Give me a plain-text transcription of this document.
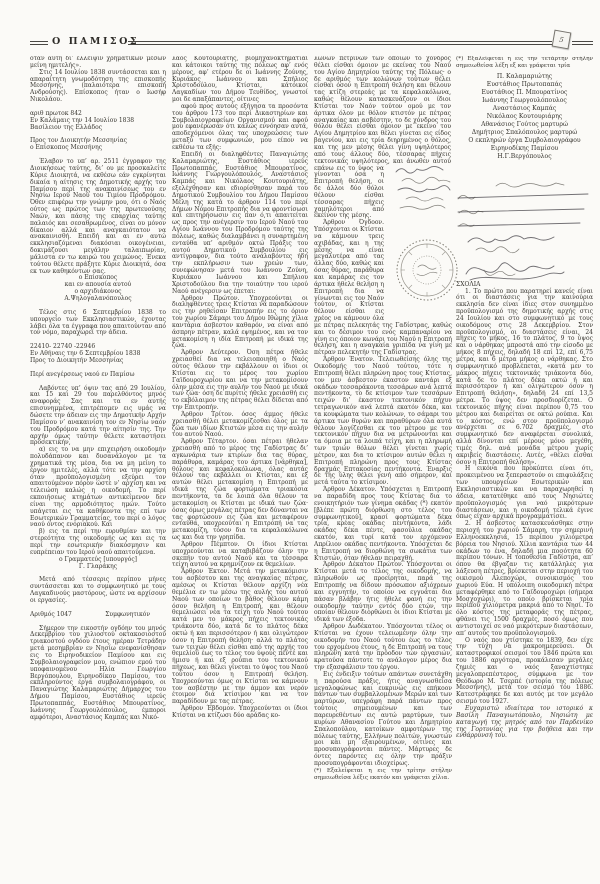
Ο ΠΑΜΙΣΟΣ	5

όταν αύτη δι’ έλλειψιν χρηματικών μέσων μείνη ημιτελής».

Στις 14 Ιουλίου 1838 συντάσσεται και η απαραίτητη γνωμοδότηση της επισκοπής Μεσσήνης, (παλαιότερα επισκοπή Ανδρούσης). Επίσκοπος ήταν ο Ιωσήφ Νικολάου.

αριθ πρωτοκ 842
Εν Καλάμαις την 14 Ιουλίου 1838
Βασίλειον της Ελλάδος
Προς τον Διοικητήν Μεσσηνίας
ο Επίσκοπος Μεσσήνης

Έλαβον το υπ’ αρ. 2511 έγγραφον της Διοικήσεως ταύτης, δι’ ου με προσκαλείτε Κύριε Διοικητά, να εκθέσω εάν εγκρίνηται δικαία η αίτησις της Δημοτικής αρχής του Παμίσου περί της ανακαινίσεως του εν Νησίω Ιερού Ναού του Τιμίου Προδρόμου. Όθεν επιφέρω την γνώμην μου, ότι ο Ναός ούτος ως πρώτος των της πρωτευούσης Ναών, και πάσης της επαρχίας ταύτης παλαιός και σεσαθρωμένος, είναι ου μόνον δίκαιον αλλά και αναγκαιότατον να ανακαινισθή. Επειδή και αι εν αυτώ εκκλησιαζόμεναι διακόσιαι οικογένειαι, δοκιμάζουσι μεγάλην ταλαιπωρίαν, μάλιστα εν τω καιρώ του χειμώνος. Ένεκα τούτου θέλετε πράξητε Κύριε Διοικητά, όσα εκ των καθηκόντων σας.

ο Επίσκοπος
και εν απουσία αυτού
ο αρχιδιάκονος
Α.Ψηλογαλανόπουλος

Τέλος στις 6 Σεπτεμβρίου 1838 το υπουργείο των Εκκλησιαστικών, έχοντας λάβει όλα τα έγγραφα που απαιτούνταν από τον νόμο, παραχωρεί την άδεια.

22410- 22740 -22946
Εν Αθήναις την 6 Σεπτεμβρίου 1838
Προς το Διοικητήν Μεσσηνίας
Περί ανεγέρσεως ναού εν Παμίσω

Λαβόντες υπ’ όψιν τας από 29 Ιουλίου, και 15 και 29 του παρελθόντος μηνός αναφοράς Σας και τα εν αυτής επισυνημμένα, επιτρέπομεν εις υμάς να δώσετε την άδειαν εις την Δημοτικήν Αρχήν Παμίσου ν’ ανακαινίση τον εν Νησίω ναόν του Προδρόμου κατά την αίτησίν της. Την αρχήν όμως ταύτην θέλετε καταστήσει προσεκτικήν,

α) εις το να μην επιχειρήση οικοδομήν πολυδάπανον και δυσανάλογον με τα χρηματικά της μέσα, δια να μη μείνη το έργον ημιτελές, αλλά τότε να την αρχίση όταν προϋπολογισμένη εξεύρει τον απαιτούμενον πόρον ώστε ν’ αρχίση και να τελειώση καλώς η οικοδομή. Το περί εκποιήσεως κτημάτων αντικείμενον δεν είναι της αρμοδιότητος ημών. Τούτο υπάγεται εις τα καθήκοντα της επί των Εσωτερικών Γραμματείας, του περί ο λόγος ναού όντος ενοριακού. Και

β) εις τα περί την ευρυθμίαν και την στερεότητα της οικοδομής ως και εις τα περί την εσωτερικήν διακόσμησιν και ευπρέπειαν του Ιερού ναού απαιτούμενα.

ο Γραμματεύς [υπουργός]
Γ. Γλαράκης

Μετά από τέσσερις περίπου μήνες συντάσσεται και το συμφωνητικό με τους Λαγκαδινούς μαστόρους, ώστε να αρχίσουν οι εργασίες.

Αριθμός 1047	Συμφωνητικόν

Σήμερον την εικοστήν ογδόην του μηνός Δεκεμβρίου του χιλιοστού οκτακοσιοστού τριακοστού ογδόου έτους ημέραν Τετράδην μετά μεσημβρίαν εν Νησίω ενεφανίσθησαν εις το Ειρηνοδικείον Παμίσου και εις Συμβολαιογραφείον μου, ενώπιον εμού του υποφαινομένου Ηλία Γεωργίου Βεργόπουλου, Ειρηνοδίκου Παμίσου, του εκπληρούντος έργα συμβολαιογράφου, οι Παναγιώτης Καλαμαριώτης Δήμαρχος του Δήμου Παμίσου, Ευστάθιος ιερεύς Πρωτοπαππάς, Ευστάθιος Μπουρατίνος, Ιωάννης Γεωργουλόπουλος, έμποροι αμφότεροι, Αναστάσιος Καμπάς και Νικό-

λαος Κουτουριάτης, βιομηχανοκτηματίαι και κάτοικοι ταύτης της πόλεως αφ’ ενός μέρους, αφ’ ετέρου δε οι Ιωάννης Ζούνης, Κυριάκος Ιωάννου και Σπήλιος Χριστοδούλου, Κτίσται, κάτοικοι Λαγκαδίων του Δήμου Τευθίδος, γνωστοί μοι δε απαξάπαντες, οίτινες

αφού προς αυτούς εξήγησα τα προσόντα του άρθρου 173 του περί Δικαστηρίων και Συμβολαιογραφείων Οργανισμού και αφού μου εφανέρωσαν ότι καλώς εννόησαν αυτά, αποδεχόμενοι όλας τας υποχρεώσεις των μεταξύ των συμφωνιών, μου είπον να εκθέσω τα εξής:

Επειδή οι διαληφθέντες Παναγιώτης Καλαμαριώτης, Ευστάθιος ιερεύς Πρωτοπαππάς, Ευστάθιος Μπουρατίνος, Ιωάννης Γιωργουλόπουλος, Αναστάσιος Καμπάς και Νικόλαος Κουτουριάτης, εξελέχθησαν και εδιορίσθησαν παρά του Δημοτικού Συμβουλίου του Δήμου Παμίσου Μέλη της κατά το άρθρον 114 του περί Δήμων Νόμου Επιτροπής δια να φροντίσωσι και επιτηρήσωσιν εις παν ό,τι απαιτείται ως προς την ανέγερσιν του Ιερού Ναού του Αγίου Ιωάννου του Προδρόμου ταύτης της πόλεως, καθώς διαλαμβάνει η συναρτημένη ενταύθα υπ’ αριθμόν οκτώ Πράξις του αυτού Δημοτικού Συμβουλίου εις αντίγραφον, δια τούτο αναλαβόντες ήδη την εκπλήρωσιν των χρεών των, συνεφώνησαν μετά του Ιωάννου Ζούνη, Κυριάκου Ιωάννου και Σπήλιου Χριστοδούλου δια την τοιαύτην του ιερού Ναού ανέγερσιν ως έπεται:

Άρθρον Πρώτον. Υποχρεούνται οι διαληφθέντες τρεις Κτίσται να παραδώσουν εις την ρηθείσαν Επιτροπήν εις το όριον του χωρίου Σάμαρι του Δήμου Ιθώμης χίλια καντάρια άσβεστον καθαρόν, να είναι από άσπρην πέτραν, καλά εψημένος, και να τον μετακομίση η ιδία Επιτροπή με ιδικά της ζώα.

Άρθρον Δεύτερον. Όση πέτρα ήθελε χρειασθεί δια να τελειοποιηθή ο Ναός ούτος θέλουν την εκβάλλουν οι ίδιοι οι Κτίσται εις το μέρος του χωρίου Γαϊδουροχωρίου και να την μετακομίσουν όλην μέσα εις την αυλήν του Ναού με ιδικά των ζώα· όση δε πυρίτις ήθελε χρειασθή εις το εκβόλαιμον της πέτρας θέλει δίδεται από την Επιτροπήν.

Άρθρον Τρίτον. όσος άμμος ήθελε χρειασθή θέλει μετακομίζεσθαι όλος με τα ζώα των ιδίων Κτιστών μέσα εις την αυλήν του αυτού Ναού.

Άρθρον Τέταρτον. όσαι πέτραι ήθελαν χρειασθή από το μέρος της Γαδίστρας δι’ αγκωνάρια των κτιρίων δια τας θύρας, παράθυρα, καμάρας του άρτικα [νάρθηκα], θόλους και κεφαλοκόλωνα, όλας αυτάς θέλουν τας εκβάλλει οι Κτίσται, και εξ αυτών θέλει μετακομίση η Επιτροπή με ιδικά της ζώα φορτώματα τριακόσια πεντήκοντα, τα δε λοιπά όλα θέλουν τα μετακομίση οι Κτίσται με ιδικά των ζώα· όσας όμως μεγάλας πέτρας δεν δύνανται να τας φορτώσουν εις ζώα και μεταφέρουν ενταύθα, υποχρεούται η Επιτροπή να τας μετακομίζη, τόσον δια τα κεφαλοκόλωνα ως και δια την γρηπίδα.

Άρθρον Πέμπτον. Οι ίδιοι Κτίσται υποχρεούνται να καταβιβάζουν όλην την σκεπήν του αυτού Ναού και τα τέσσαρα τείχη αυτού να κρημνίζουν εκ θεμελίων.

Άρθρον Έκτον. Μετά την μετακόμισιν του ασβέστου και της αναγκαίας πέτρας, αμέσως οι Κτίσται θέλουν αρχίζη νέα θεμέλια εν τω μέσω της αυλής του αυτού Ναού των οποίων το βάθος θέλουν κάμη όσον θελήση η Επιτροπή, και θέλουν θεμελιώσει νέα τα τείχη του Ναού τούτου κατά μεν το μάκρος πήχεις τεκτονικάς τριάκοντα δύο, κατά δε το πλάτος δέκα οκτώ ή και περισσότερον ή και ολιγώτερον όσον η Επιτροπή θελήση· αλλά το πλάτος των τειχών θέλει είσθαι από της αρχής του θεμελίου έως το τέλος του ύψους πέντε και ήμισυ ή και εξ ρούπια του τεκτονικού πήχεως, και θέλει γίνεται το ύψος του Ναού τούτου όσον η Επιτροπή θελήση. Υποχρεούνται όμως οι Κτίσται να κάμνουν τον ασβέστην με την άμμον και νερόν έτοιμον δια κτίσιμον και να τον παραδίδουν με τας πέτρας.

Άρθρον Έβδομον. Υποχρεούνται οι ίδιοι Κτίσται να κτίζωσι δύο αράδας κο-

λώνων πέτρινων των οποίων το χόνδρος θέλει είσθαι όμοιον με εκείνας του Ναού του Αγίου Δημητρίου ταύτης της Πόλεως· ο δε αριθμός των κολώνων τούτων θέλει είσθαι όσον η Επιτροπή θελήση και θέλουν τας κτίζη στερεάς με τα κεφαλοκόλωνα, καθώς θέλουν κατασκευάζουν οι ίδιοι Κτίσται τον Ναόν τούτον ομού με τον άρτικα όλον με θόλον κτιστόν με πέτρας αναγκαίας και ασβέστην, το δε χόνδρος του θόλου θέλει είσθαι όμοιον με εκείνο του Αγίου Δημητρίου και θέλει γίνεται εις είδος βαγενίου, και εις τρία διηρημένος ο θόλος, και της μεν μέσης θέλει γίνη υψηλότερος από τους άλλους δύο, τέσσαρας πήχεις τεκτονικάς υψηλότερος, και άνωθεν αυτού επάνω εις το ύψος να γίνονται όσα η Επιτροπή θελήση, οι δε άλλοι δύο θόλοι θέλουν είσθαι τέσσαρας πήχεις χαμηλότεροι από εκείνον της μέσης.

Άρθρον Όγδοον. Υπόσχονται οι Κτίσται να κάμνουν τρεις αχιβάδας, και η της μέσης να είναι μεγαλυτέρα από τας άλλας δύο, καθώς και όσας θύρας, παράθυρα και καμάρας εις τον άρτικα ήθελε θελήση η Επιτροπή δια να γίνωνται εις τον Ναόν τούτον, οι Κτίσται θέλουν είσθαι εις χρέος να κάμνουν όλα με πέτρας πελεκητάς της Γαδίστρας, καθώς και το δέσιμον του ενός καμπαναρίου να γίνη εις όποιον κωνάρι του Ναού η Επιτροπή θελήση, και η αναγκαία γριπίδα να γίνη με πέτραν πελεκητήν της Γαδίστρας.

Άρθρον Ένατον. Τελειωθείσης όλης της Οικοδομής του Ναού τούτου, τότε η Επιτροπή θέλει πληρώνη προς τους Κτίστας, τον μεν άσβεστον έκαστον καντάρι εξ οκάδων τεσσαράκοντα τεσσάρων ανά λεπτά πεντήκοντα, το δε κτίσιμον των τεσσάρων τειχών δι’ έκαστον τεκτονικόν πήχυν τετραγωνικόν ανά λεπτά εκατόν δέκα, και τα κουφώματα των κολώνων, το σάμαρι του άρτικα των θυρών και παραθύρων όλα αυτά θέλουν λογίζεσθαι εκ του μέτρου με τον τεκτονικόν πήχυν δια να μετρώνονται και τα όμοια με τα λοιπά τείχη, και η πληρωμή των τριών θόλων θέλει γίνεται χωρίς μέτρον, και δια το κτίσιμον αυτών θέλει η Επιτροπή πληρώνη προς τους Κτίστας δραχμάς Επτακοσίας πεντήκοντα. Έναρξις δε της ύλης θέλει γενή από σήμερον, και μετά ταύτα το κτίσιμον.

Άρθρον Δέκατον. Υπόσχεται η Επιτροπή να παραδίδη προς τους Κτίστας δια το ενοικητήριόν των γίνημα οκάδας (*) εκατόν [βλέπε πρώτη διόρθωση στο τέλος του συμφωνητικού], κρασί φορτώματα δέκα τρία, κρέας οκάδας πεντήκοντα, λάδι οκάδας δέκα πέντε, φασούλια οκάδας εκατόν, και τυρί κατά τον ερχόμενον Απρίλιον οκάδας πεντήκοντα. Υπόσχεται δε η Επιτροπή να διορθώνη τα σωκάτια των Κτιστών, όταν ήθελαν πειραχθή.

Άρθρον Δέκατον Πρώτον. Υπόσχονται οι Κτίσται μετά το τέλος της οικοδομής, να πληρωθούν ως προείρηται, παρά της Επιτροπής να δίδουν πρόσωπον αξιόχρεων και εγγυητήν, το οποίον να εγγυάται δια πάσαν βλάβην ήτις ήθελε φανή εις την οικοδομήν ταύτην εντός δύο ετών, την οποίαν θέλουν διορθώνει οι ίδιοι Κτίσται με ιδικά των έξοδα.

Άρθρον Δωδέκατον. Υπόσχονται τέλος οι Κτίσται να έχουν τελειωμένην όλην την οικοδομήν του Ναού τούτου έως το τέλος του ερχομένου έτους, η δε Επιτροπή να τους πληρώνη κατά την πρόοδον των εργασιών, κρατούσα πάντοτε το ανάλογον μέρος δια την εξασφάλισιν του έργου.

Εις ένδειξιν τούτων απάντων συνετάχθη η παρούσα πράξις, ήτις αναγνωσθείσα μεγαλοφώνως και ευκρινώς εις επήκοον πάντων των συμβαλλομένων Μερών και των μαρτύρων, υπεγράφη παρά πάντων προς τούτοις σημειουμένων και των παρευρεθέντων εις αυτώ μαρτύρων, των κυρίων Αθανασίου Γούτου και Δημητρίου Σπαλοπούλου, κατοίκων αμφοτέρων της πόλεως ταύτης, Ελλήνων πολιτών, γνωστών μοι και μη εξαιρουμένων, οίτινες και προσυπογράφονται πάντες. Μάρτυρες δε όντες παρόντες εις όλην την πράξιν προσυπογράφονται ιδιοχείρως.

(*) Εξαλείφεται η εις την τρίτην στήλην σημειωθείσα λέξις εκατόν και γράφεται χίλια.

(*) Εξαλείφεται η εις την τετάρτην στήλην σημειωθείσα λέξη εξ και γράφεται τρία

Π. Καλαμαριώτης
Ευστάθιος Πρωτοπαπάς
Ευστάθιος Π. Μπουρατίνος
Ιωάννης Γεωργουλόπουλος
Αναστάσιος Καμπάς
Νικόλαος Κουτουριάρης
Αθανάσιος Γούτος μαρτυρώ
Δημήτριος Σπαλόπουλος μαρτυρώ
Ο εκπληρών έργα Συμβολαιογράφου
Ειρηνοδίκης Παμίσου
Η.Γ.Βεργόπουλος

ΣΧΟΛΙΑ

1. Το πρώτο που παρατηρεί κανείς είναι ότι οι διαστάσεις για την καινούρια εκκλησία δεν είναι ίδιες στον συνημμένο προϋπολογισμό της δημοτικής αρχής στις 24 Ιουλίου και στο συμφωνητικό με τους οικοδόμους στις 28 Δεκεμβρίου. Στον προϋπολογισμό, οι διαστάσεις είναι, 24 πήχεις το μήκος, 16 το πλάτος, 9 το ύψος και ο νάρθηκας μπροστά από την είσοδο με μήκος 8 πήχεις, δηλαδή 18 επί 12, επί 6,75 μέτρα, και 6 μέτρα μήκος ο νάρθηκας. Στο συμφωνητικό προβλέπεται, «κατά μεν το μάκρος πήχεις τεκτονικάς τριάκοντα δύο, κατά δε το πλάτος δέκα οκτώ ή και περισσότερον ή και ολιγώτερον όσον η Επιτροπή θελήση», δηλαδή 24 επί 13,5 μέτρα. Το ύψος δεν προσδιορίζεται. Ο τεκτονικός πήχης είναι περίπου 0,75 του μέτρου και διαιρείται σε οκτώ ρούπια. Και το κόστος, ενώ στον προϋπολογισμό ανέρχεται σε 6.702 δραχμές, στο συμφωνητικό δεν αναφέρεται συνολικά, αλλά δίνονται επί μέρους μόνο μεγέθη, τιμές δηλ. ανά μονάδα μέτρου χωρίς ακριβείς διαστάσεις. Αυτές, «θέλει είσθαι όσον η Επιτροπή θελήση».

Η εικόνα που προκύπτει είναι ότι, προκειμένου να ξεπεραστούν οι επιφυλάξεις των υπουργείων Εσωτερικών και Εκκλησιαστικών και να παραχωρηθεί η άδεια, κατατέθηκε από τους Νησιώτες προϋπολογισμός για ναό μικρότερων διαστάσεων, και η οικοδομή τελικά έγινε όπως είχαν αρχικά προγραμματίσει.

2. Η άσβεστος κατασκευάσθηκε στην περιοχή του χωριού Σάμαρη, την σημερινή Ελληνοεκκλησιά, 15 περίπου χιλιόμετρα βόρεια του Νησιού. Χίλια καντάρια των 44 οκάδων το ένα, δηλαδή μια ποσότητα 60 περίπου τόνων. Η τοποθεσία Γαδίστρα, απ’ όπου θα έβγαζαν τις κατάλληλες για λάξευση πέτρες, βρίσκεται στην περιοχή του οικισμού Αλεποχώρι, συνοικισμός του χωριού Εύα. Η υπόλοιπη οικοδομική πέτρα μεταφέρθηκε από το Γαϊδουροχώρι (σήμερα Μοσχοχώρι), το οποίο βρίσκεται τρία περίπου χιλιόμετρα μακριά από το Νησί. Το όλο κόστος της μεταφοράς της πέτρας, φθάνει τις 1500 δραχμές, ποσό όμως που αντιστοιχεί σε ναό μικρότερων διαστάσεων, απ’ αυτούς του προϋπολογισμού.

Ο ναός που χτίστηκε το 1839, δεν είχε την τύχη να μακροημερεύσει. Οι καταστροφικοί σεισμοί του 1846 πρώτα και του 1886 αργότερα, προκάλεσαν μεγάλες ζημιές και ο ναός ξαναχτίστηκε μεγαλοπρεπέστερος, σύμφωνα με τον Θεόδωρο Μ. Τσερπέ (ιστορία της πόλεως Μεσσήνης), μετά τον σεισμό του 1886. Κατεστράφηκε δε και αυτός με τον μεγάλο σεισμό του 1927.

Ευχαριστώ ιδιαίτερα τον ιστορικό κ Βασίλη Παναγιωτόπουλο, Νησιώτη με καταγωγή της μητρός από τον Παρδενίκο της Γορτυνίας για την βοήθεια και την ενθάρρυνσή του.
